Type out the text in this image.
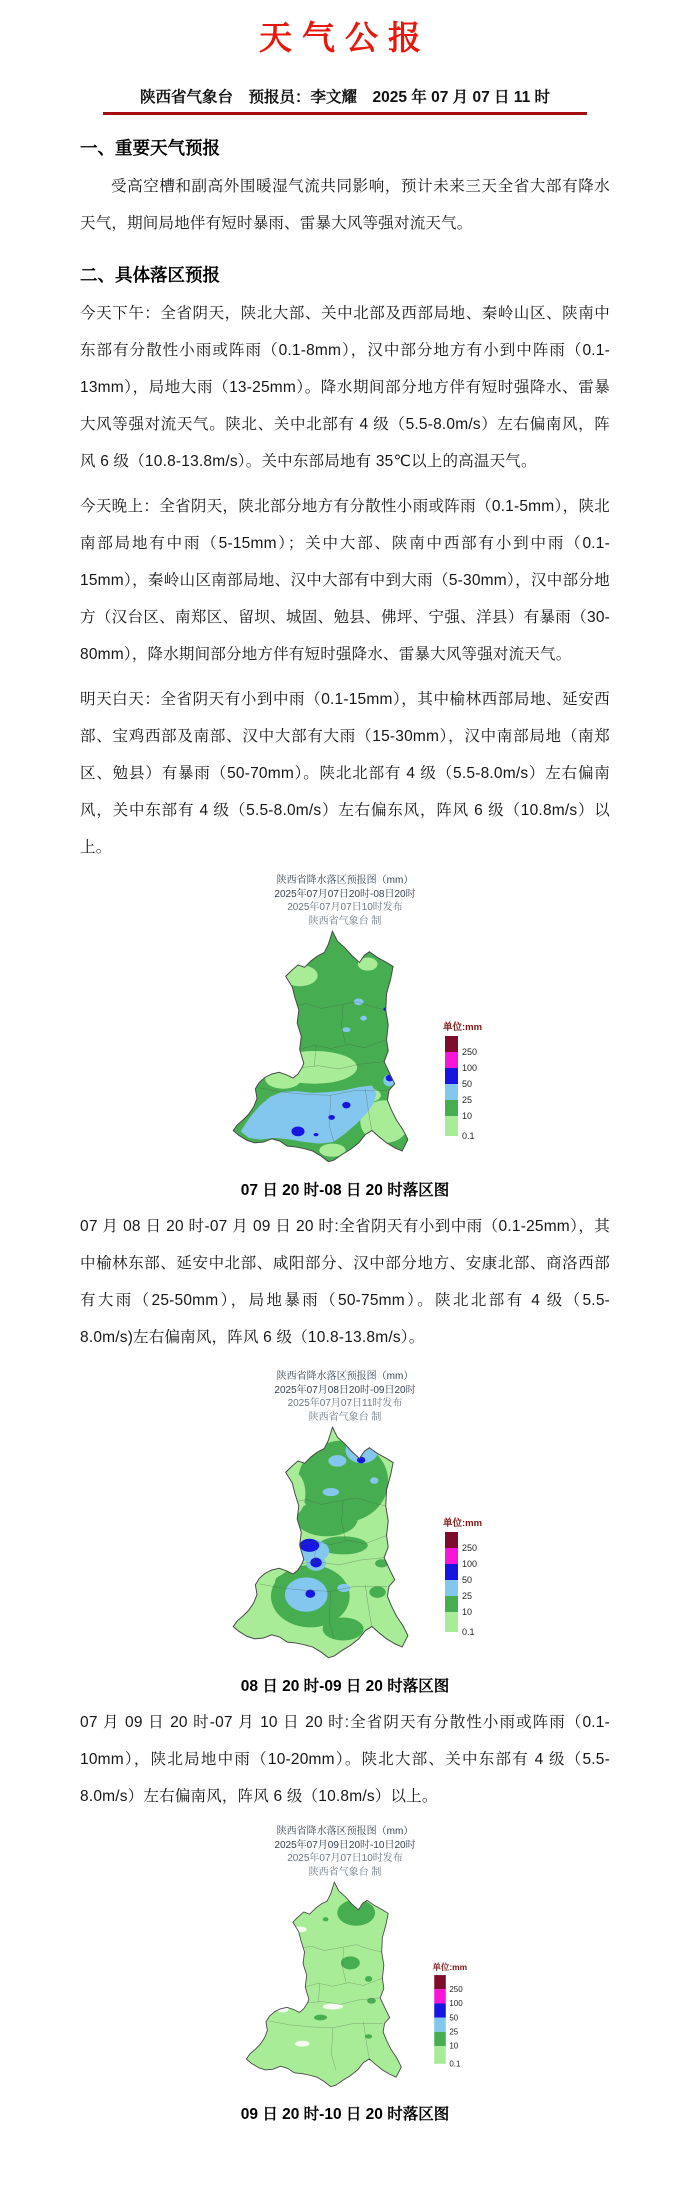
天气公报
陕西省气象台　预报员：李文耀　2025 年 07 月 07 日 11 时
一、重要天气预报

受高空槽和副高外围暖湿气流共同影响，预计未来三天全省大部有降水天气，期间局地伴有短时暴雨、雷暴大风等强对流天气。

二、具体落区预报

今天下午：全省阴天，陕北大部、关中北部及西部局地、秦岭山区、陕南中东部有分散性小雨或阵雨（0.1-8mm），汉中部分地方有小到中阵雨（0.1-13mm），局地大雨（13-25mm）。降水期间部分地方伴有短时强降水、雷暴大风等强对流天气。陕北、关中北部有 4 级（5.5-8.0m/s）左右偏南风，阵风 6 级（10.8-13.8m/s）。关中东部局地有 35℃以上的高温天气。

今天晚上：全省阴天，陕北部分地方有分散性小雨或阵雨（0.1-5mm），陕北南部局地有中雨（5-15mm）；关中大部、陕南中西部有小到中雨（0.1-15mm），秦岭山区南部局地、汉中大部有中到大雨（5-30mm），汉中部分地方（汉台区、南郑区、留坝、城固、勉县、佛坪、宁强、洋县）有暴雨（30-80mm），降水期间部分地方伴有短时强降水、雷暴大风等强对流天气。

明天白天：全省阴天有小到中雨（0.1-15mm），其中榆林西部局地、延安西部、宝鸡西部及南部、汉中大部有大雨（15-30mm），汉中南部局地（南郑区、勉县）有暴雨（50-70mm）。陕北北部有 4 级（5.5-8.0m/s）左右偏南风，关中东部有 4 级（5.5-8.0m/s）左右偏东风，阵风 6 级（10.8m/s）以上。

陕西省降水落区预报图（mm）
2025年07月07日20时-08日20时
2025年07月07日10时发布
陕西省气象台 制
单位:mm
250
100
50
25
10
0.1
07 日 20 时-08 日 20 时落区图

07 月 08 日 20 时-07 月 09 日 20 时:全省阴天有小到中雨（0.1-25mm），其中榆林东部、延安中北部、咸阳部分、汉中部分地方、安康北部、商洛西部有大雨（25-50mm），局地暴雨（50-75mm）。陕北北部有 4 级（5.5-8.0m/s)左右偏南风，阵风 6 级（10.8-13.8m/s）。

陕西省降水落区预报图（mm）
2025年07月08日20时-09日20时
2025年07月07日11时发布
陕西省气象台 制
单位:mm
250
100
50
25
10
0.1
08 日 20 时-09 日 20 时落区图

07 月 09 日 20 时-07 月 10 日 20 时:全省阴天有分散性小雨或阵雨（0.1-10mm），陕北局地中雨（10-20mm）。陕北大部、关中东部有 4 级（5.5-8.0m/s）左右偏南风，阵风 6 级（10.8m/s）以上。

陕西省降水落区预报图（mm）
2025年07月09日20时-10日20时
2025年07月07日10时发布
陕西省气象台 制
单位:mm
250
100
50
25
10
0.1
09 日 20 时-10 日 20 时落区图
